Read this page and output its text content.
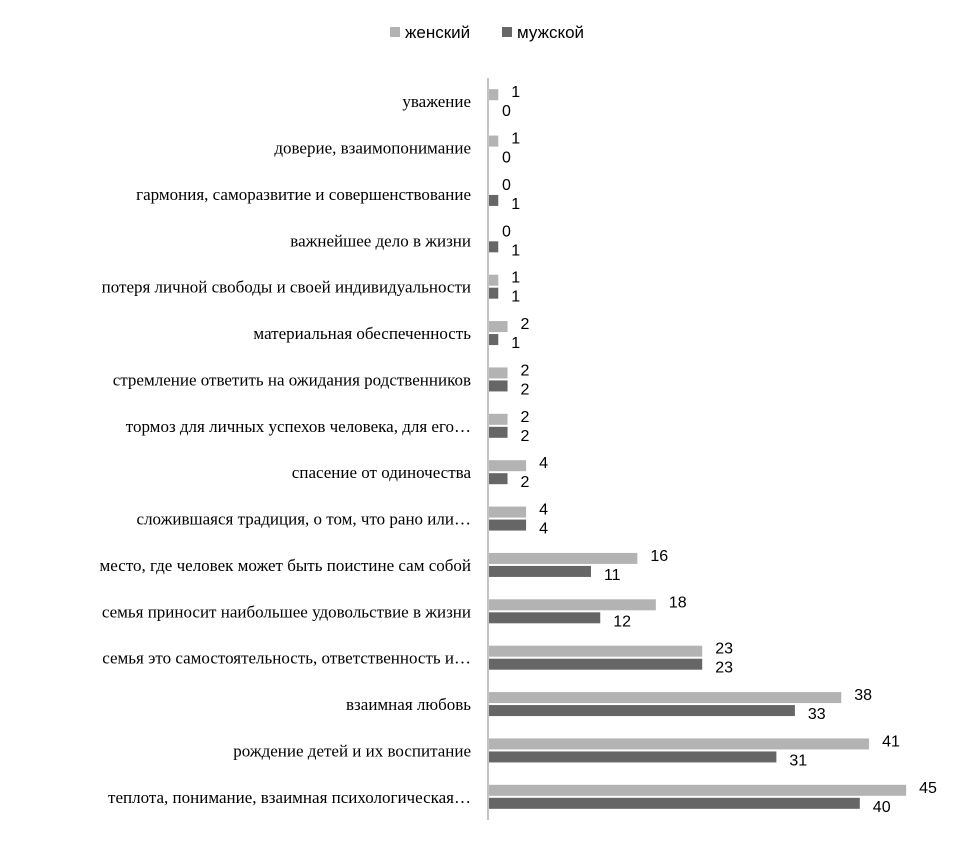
женский	мужской
уважение
доверие, взаимопонимание
гармония, саморазвитие и совершенствование
важнейшее дело в жизни
потеря личной свободы и своей индивидуальности
материальная обеспеченность
стремление ответить на ожидания родственников
тормоз для личных успехов человека, для его…
спасение от одиночества
сложившаяся традиция, о том, что рано или…
место, где человек может быть поистине сам собой
семья приносит наибольшее удовольствие в жизни
семья это самостоятельность, ответственность и…
взаимная любовь
рождение детей и их воспитание
теплота, понимание, взаимная психологическая…
1
0
1
0
0
1
0
1
1
1
2
1
2
2
2
2
4
2
4
4
16
11
18
12
23
23
38
33
41
31
45
40
